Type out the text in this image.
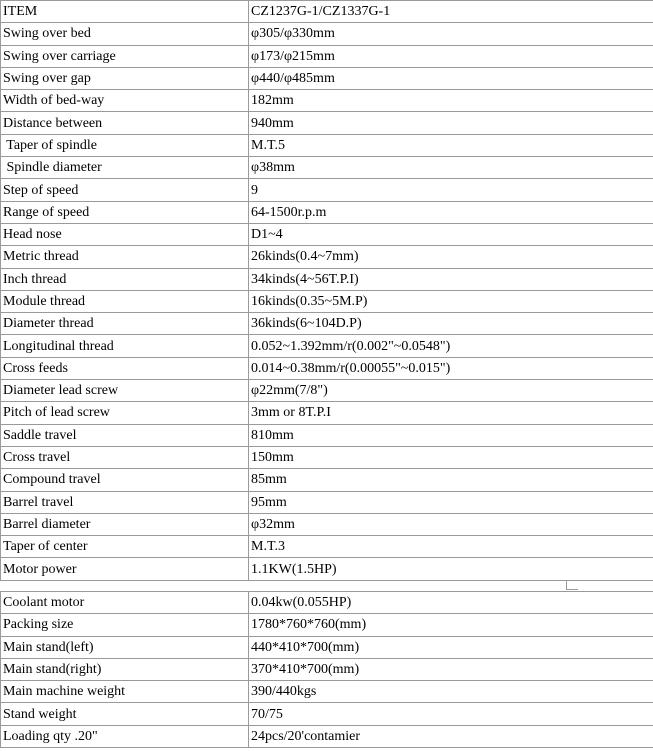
ITEM	CZ1237G-1/CZ1337G-1
Swing over bed	φ305/φ330mm
Swing over carriage	φ173/φ215mm
Swing over gap	φ440/φ485mm
Width of bed-way	182mm
Distance between	940mm
Taper of spindle	M.T.5
Spindle diameter	φ38mm
Step of speed	9
Range of speed	64-1500r.p.m
Head nose	D1~4
Metric thread	26kinds(0.4~7mm)
Inch thread	34kinds(4~56T.P.I)
Module thread	16kinds(0.35~5M.P)
Diameter thread	36kinds(6~104D.P)
Longitudinal thread	0.052~1.392mm/r(0.002"~0.0548")
Cross feeds	0.014~0.38mm/r(0.00055"~0.015")
Diameter lead screw	φ22mm(7/8")
Pitch of lead screw	3mm or 8T.P.I
Saddle travel	810mm
Cross travel	150mm
Compound travel	85mm
Barrel travel	95mm
Barrel diameter	φ32mm
Taper of center	M.T.3
Motor power	1.1KW(1.5HP)
Coolant motor	0.04kw(0.055HP)
Packing size	1780*760*760(mm)
Main stand(left)	440*410*700(mm)
Main stand(right)	370*410*700(mm)
Main machine weight	390/440kgs
Stand weight	70/75
Loading qty .20"	24pcs/20'contamier
